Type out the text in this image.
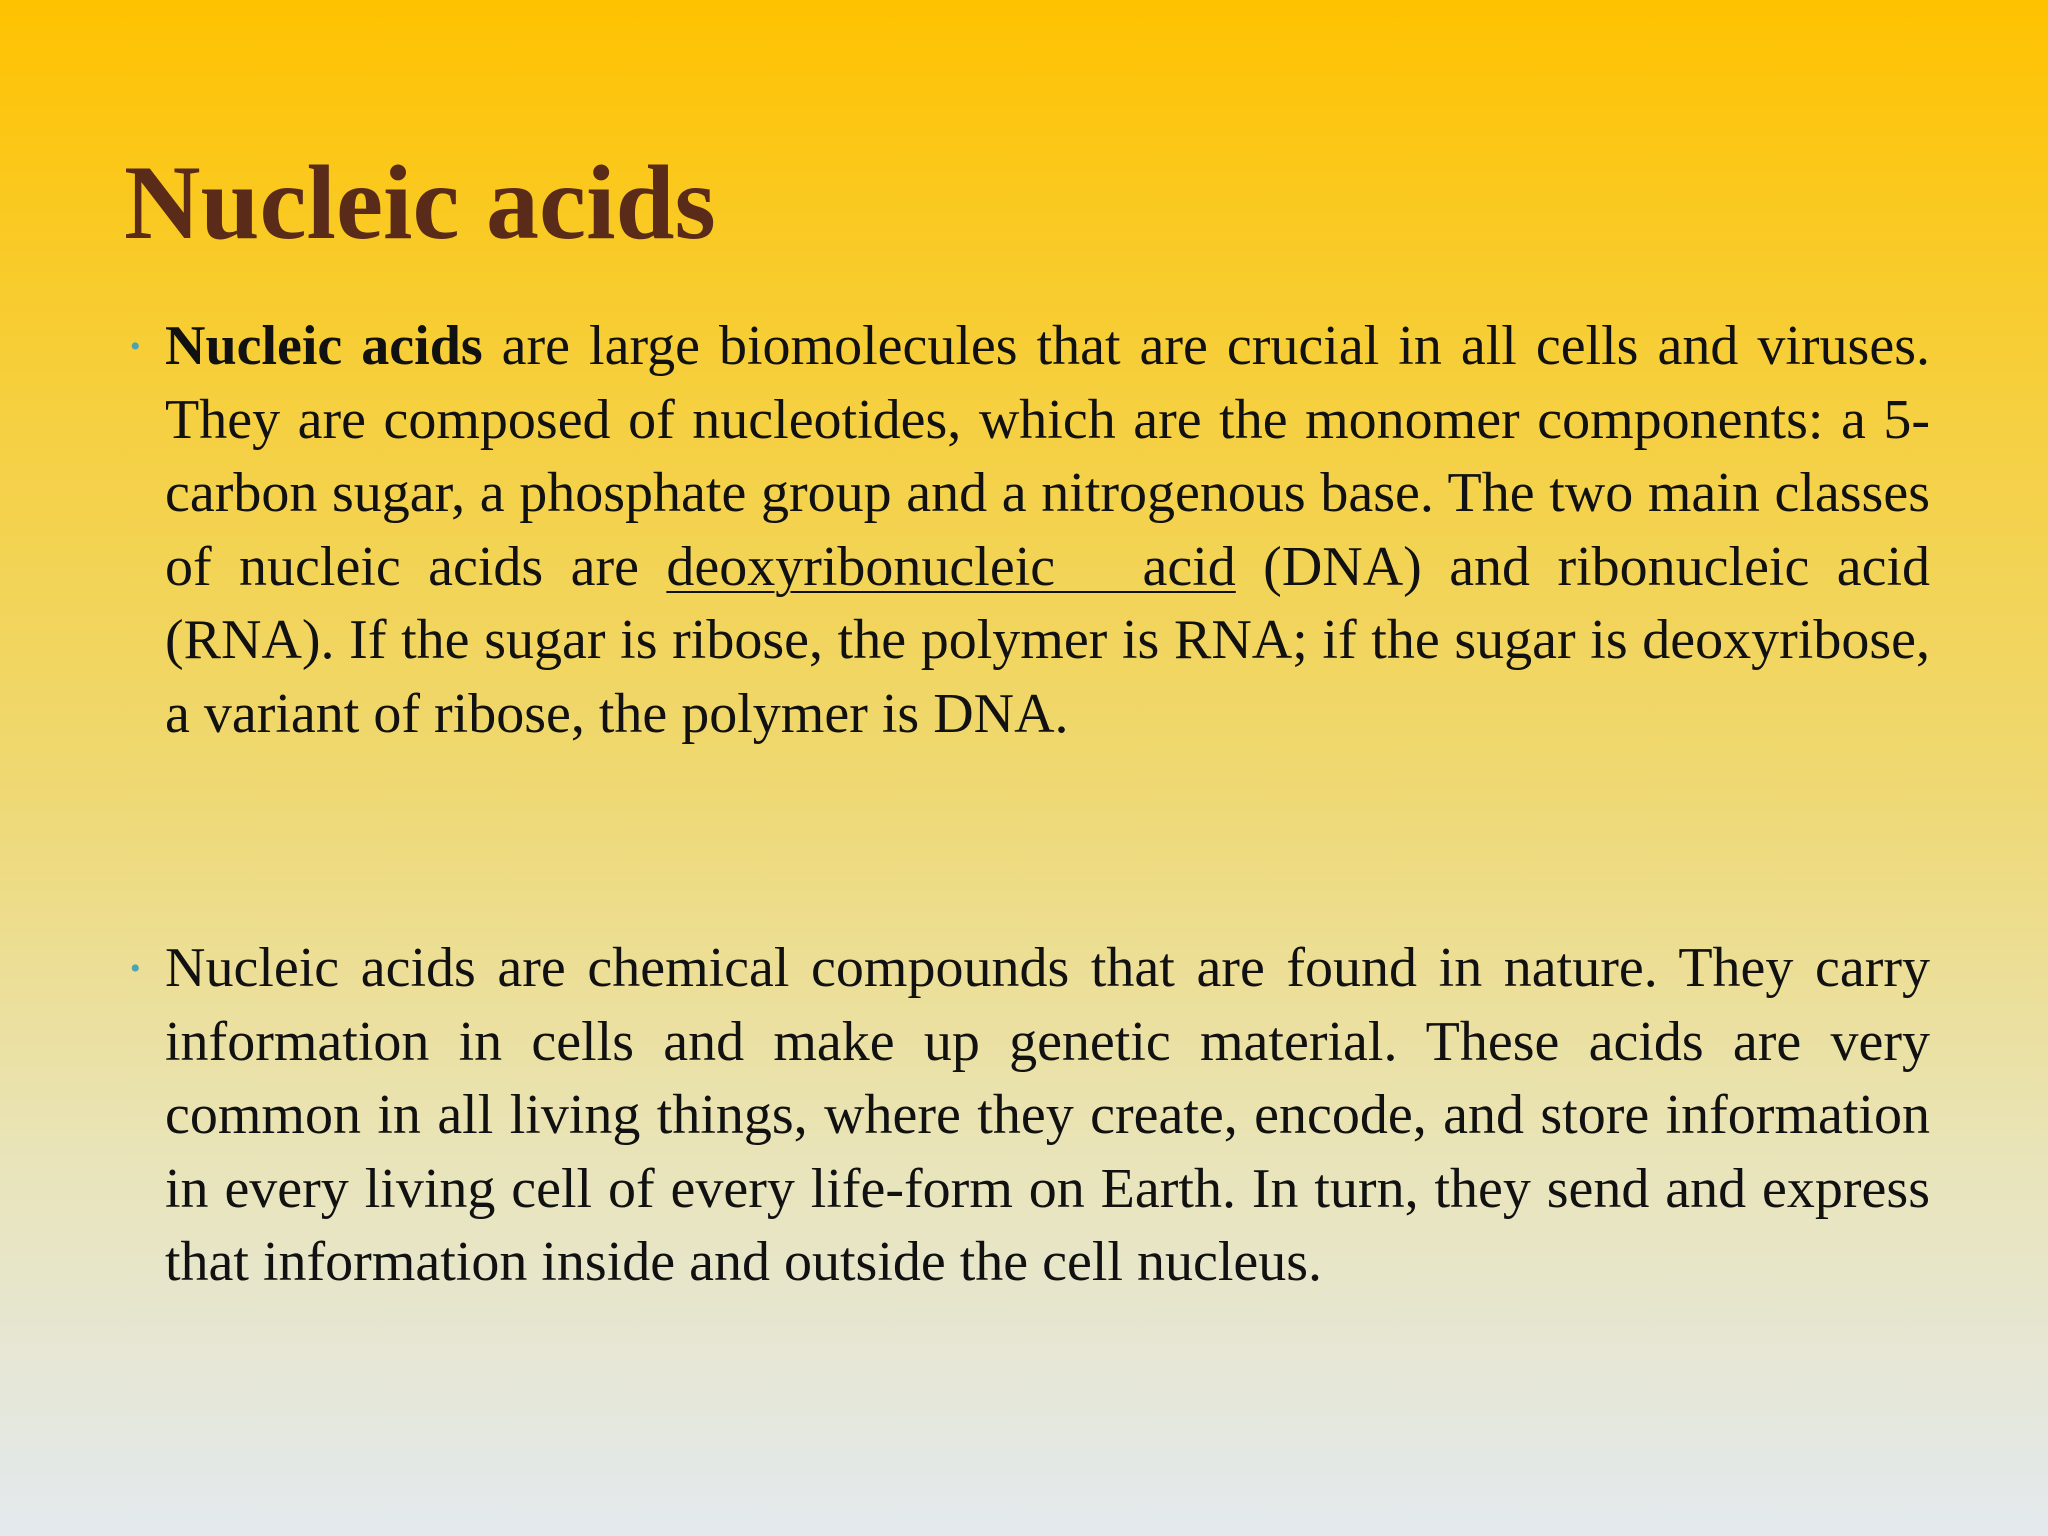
Nucleic acids
• Nucleic acids are large biomolecules that are crucial in all cells and viruses. They are composed of nucleotides, which are the monomer components: a 5-carbon sugar, a phosphate group and a nitrogenous base. The two main classes of nucleic acids are deoxyribonucleic acid (DNA) and ribonucleic acid (RNA). If the sugar is ribose, the polymer is RNA; if the sugar is deoxyribose, a variant of ribose, the polymer is DNA.
• Nucleic acids are chemical compounds that are found in nature. They carry information in cells and make up genetic material. These acids are very common in all living things, where they create, encode, and store information in every living cell of every life-form on Earth. In turn, they send and express that information inside and outside the cell nucleus.
